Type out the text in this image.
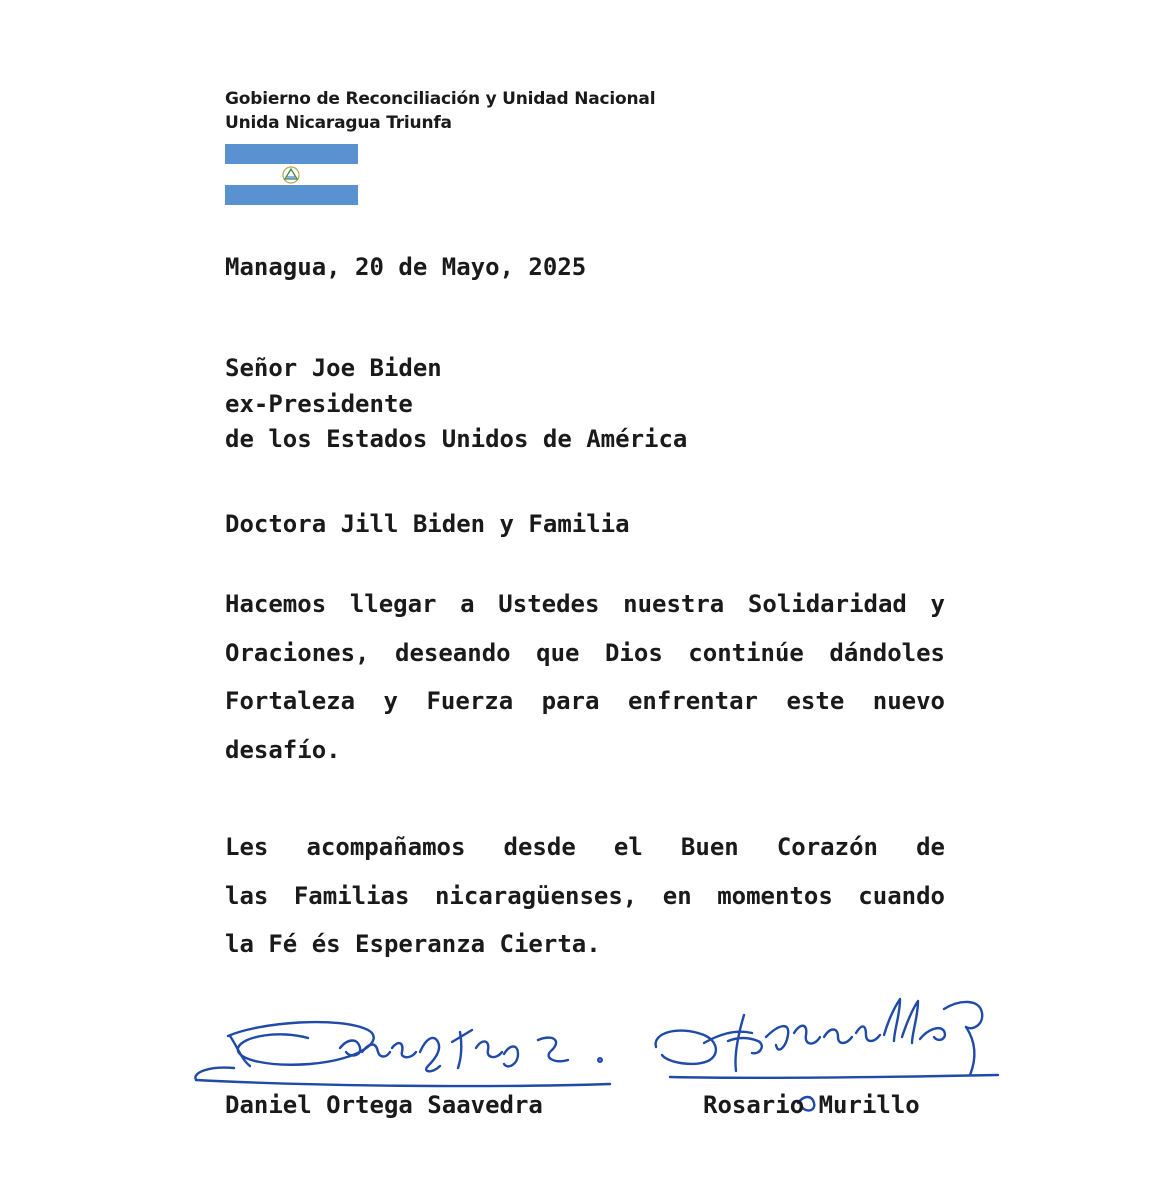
Gobierno de Reconciliación y Unidad Nacional
Unida Nicaragua Triunfa
Managua, 20 de Mayo, 2025
Señor Joe Biden
ex-Presidente
de los Estados Unidos de América
Doctora Jill Biden y Familia
Hacemos llegar a Ustedes nuestra Solidaridad y
Oraciones, deseando que Dios continúe dándoles
Fortaleza y Fuerza para enfrentar este nuevo
desafío.
Les acompañamos desde el Buen Corazón de
las Familias nicaragüenses, en momentos cuando
la Fé és Esperanza Cierta.
Daniel Ortega Saavedra	Rosario Murillo
